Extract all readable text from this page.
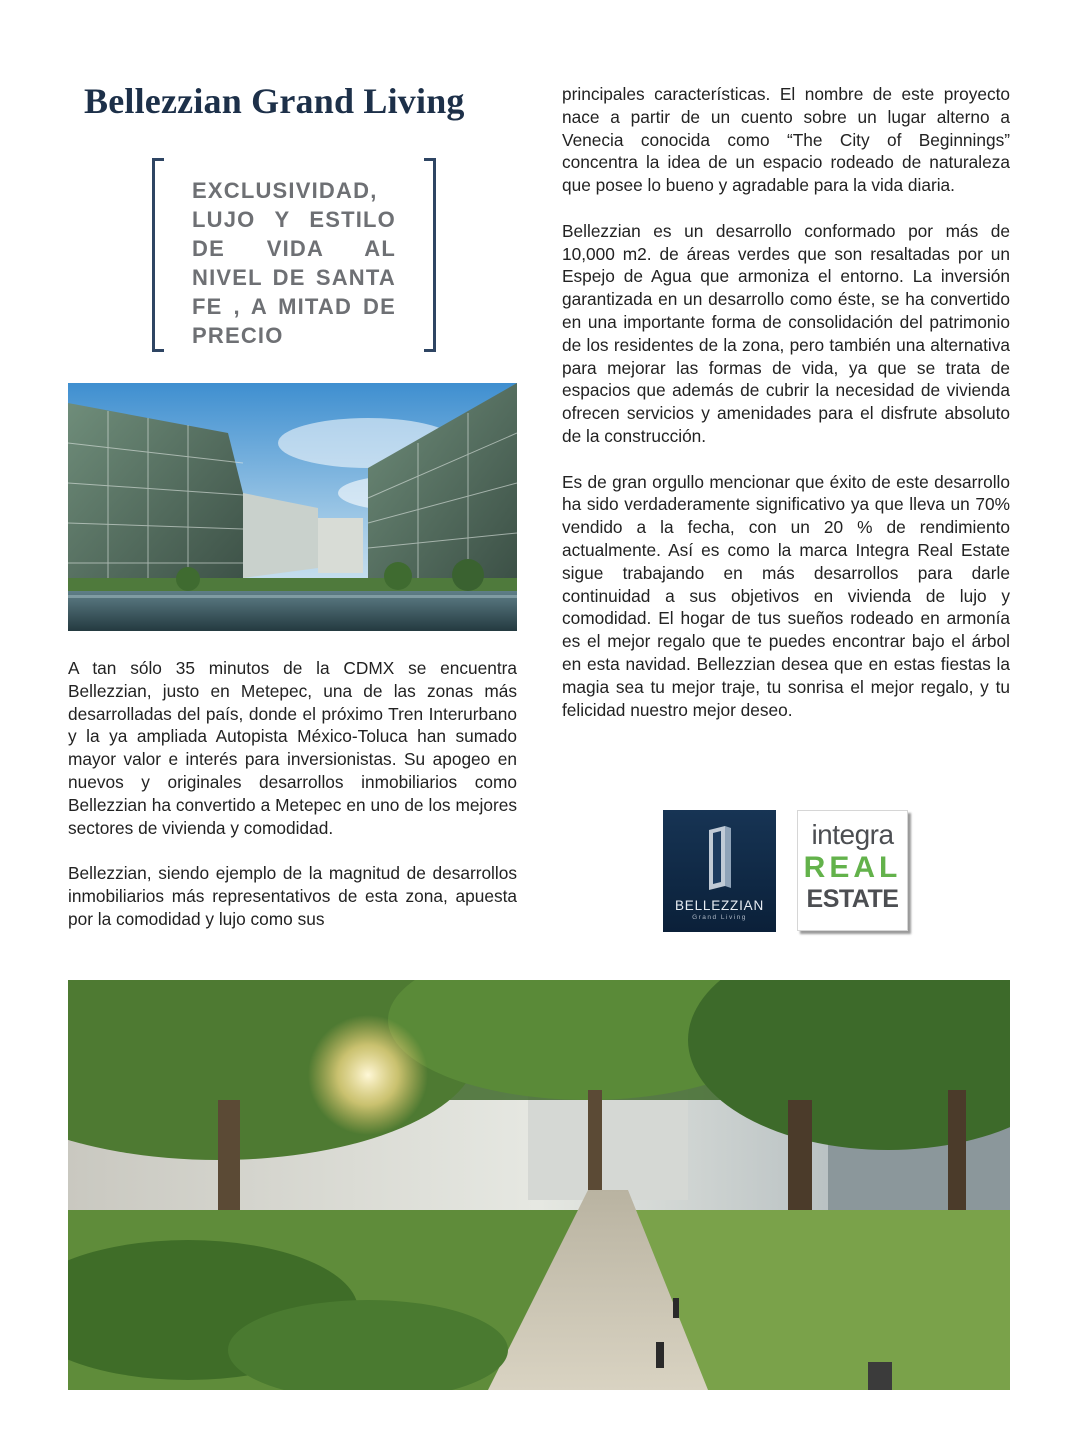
Bellezzian Grand Living

EXCLUSIVIDAD, LUJO Y ESTILO DE VIDA AL NIVEL DE SANTA FE , A MITAD DE PRECIO

A tan sólo 35 minutos de la CDMX se encuentra Bellezzian, justo en Metepec, una de las zonas más desarrolladas del país, donde el próximo Tren Interurbano y la ya ampliada Autopista México-Toluca han sumado mayor valor e interés para inversionistas. Su apogeo en nuevos y originales desarrollos inmobiliarios como Bellezzian ha convertido a Metepec en uno de los mejores sectores de vivienda y comodidad.

Bellezzian, siendo ejemplo de la magnitud de desarrollos inmobiliarios más representativos de esta zona, apuesta por la comodidad y lujo como sus

principales características. El nombre de este proyecto nace a partir de un cuento sobre un lugar alterno a Venecia conocida como “The City of Beginnings” concentra la idea de un espacio rodeado de naturaleza que posee lo bueno y agradable para la vida diaria.

Bellezzian es un desarrollo conformado por más de 10,000 m2. de áreas verdes que son resaltadas por un Espejo de Agua que armoniza el entorno. La inversión garantizada en un desarrollo como éste, se ha convertido en una importante forma de consolidación del patrimonio de los residentes de la zona, pero también una alternativa para mejorar las formas de vida, ya que se trata de espacios que además de cubrir la necesidad de vivienda ofrecen servicios y amenidades para el disfrute absoluto de la construcción.

Es de gran orgullo mencionar que éxito de este desarrollo ha sido verdaderamente significativo ya que lleva un 70% vendido a la fecha, con un 20 % de rendimiento actualmente. Así es como la marca Integra Real Estate sigue trabajando en más desarrollos para darle continuidad a sus objetivos en vivienda de lujo y comodidad. El hogar de tus sueños rodeado en armonía es el mejor regalo que te puedes encontrar bajo el árbol en esta navidad. Bellezzian desea que en estas fiestas la magia sea tu mejor traje, tu sonrisa el mejor regalo, y tu felicidad nuestro mejor deseo.

BELLEZZIAN
Grand Living
integra
REAL
ESTATE
